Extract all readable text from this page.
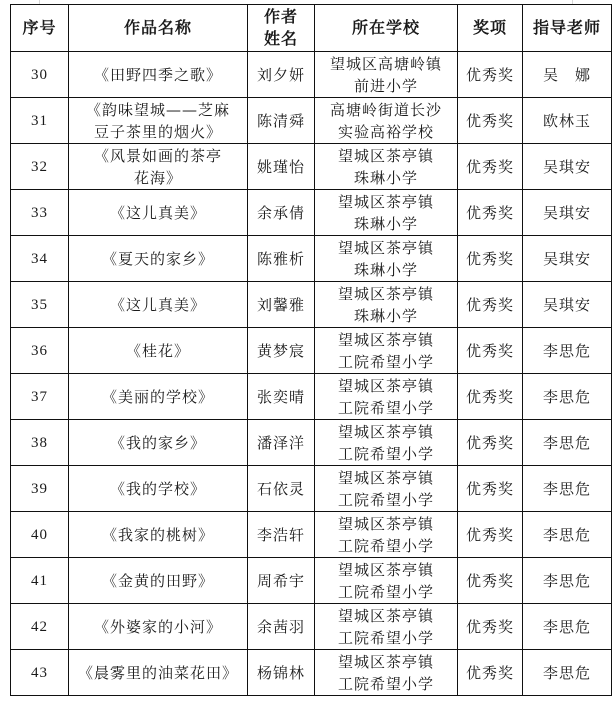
序号	作品名称	作者
姓名	所在学校	奖项	指导老师
30	《田野四季之歌》	刘夕妍	望城区高塘岭镇
前进小学	优秀奖	吴　娜
31	《韵味望城——芝麻
豆子茶里的烟火》	陈清舜	高塘岭街道长沙
实验高裕学校	优秀奖	欧林玉
32	《风景如画的茶亭
花海》	姚瑾怡	望城区茶亭镇
珠琳小学	优秀奖	吴琪安
33	《这儿真美》	余承倩	望城区茶亭镇
珠琳小学	优秀奖	吴琪安
34	《夏天的家乡》	陈雅析	望城区茶亭镇
珠琳小学	优秀奖	吴琪安
35	《这儿真美》	刘馨雅	望城区茶亭镇
珠琳小学	优秀奖	吴琪安
36	《桂花》	黄梦宸	望城区茶亭镇
工院希望小学	优秀奖	李思危
37	《美丽的学校》	张奕晴	望城区茶亭镇
工院希望小学	优秀奖	李思危
38	《我的家乡》	潘泽洋	望城区茶亭镇
工院希望小学	优秀奖	李思危
39	《我的学校》	石依灵	望城区茶亭镇
工院希望小学	优秀奖	李思危
40	《我家的桃树》	李浩轩	望城区茶亭镇
工院希望小学	优秀奖	李思危
41	《金黄的田野》	周希宇	望城区茶亭镇
工院希望小学	优秀奖	李思危
42	《外婆家的小河》	余茜羽	望城区茶亭镇
工院希望小学	优秀奖	李思危
43	《晨雾里的油菜花田》	杨锦林	望城区茶亭镇
工院希望小学	优秀奖	李思危
